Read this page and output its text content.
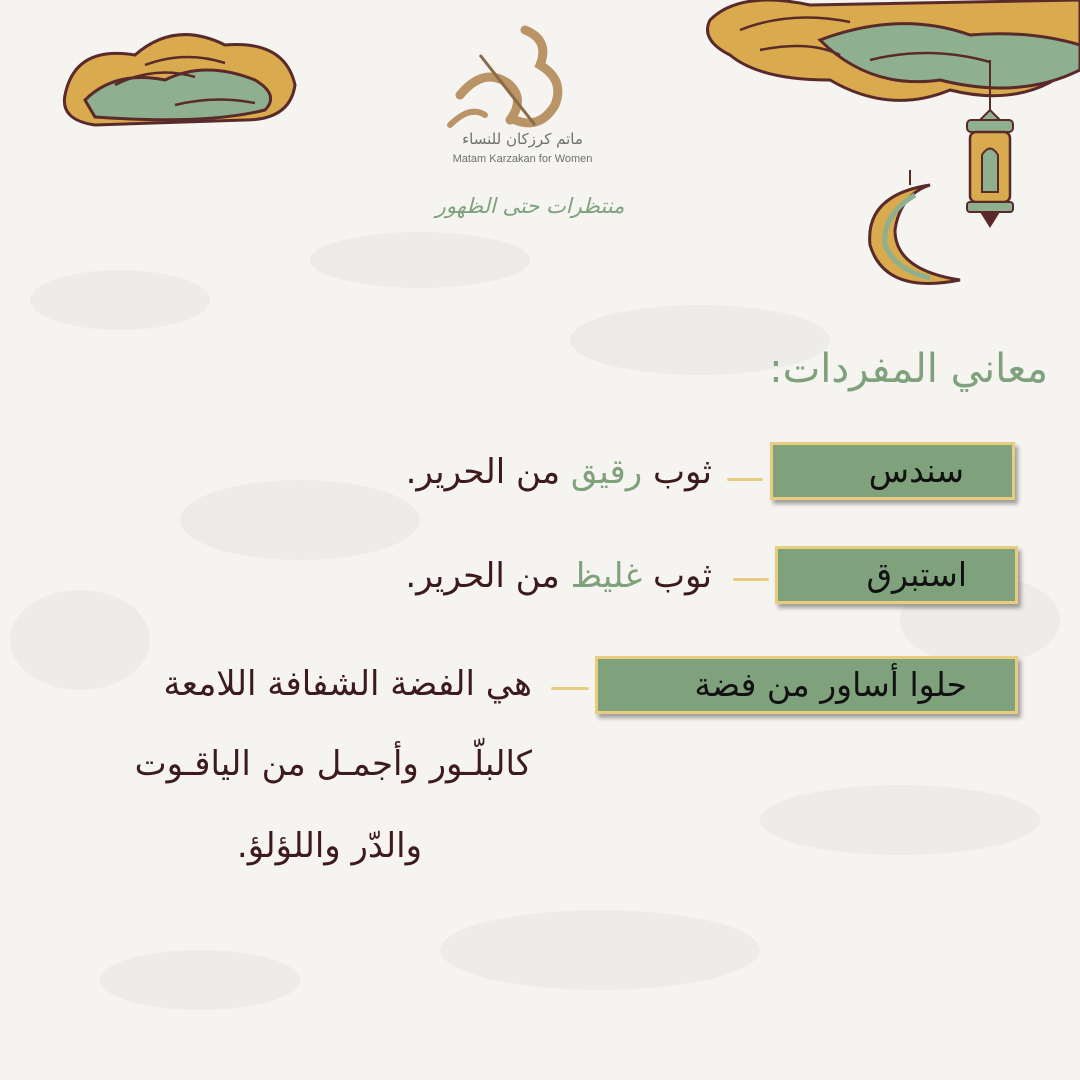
ماتم كرزكان للنساء
Matam Karzakan for Women
منتظرات حتى الظهور
معاني المفردات:
سندس
ثوب رقيق من الحرير.
استبرق
ثوب غليظ من الحرير.
حلوا أساور من فضة
هي الفضة الشفافة اللامعة
كالبلّـور وأجمـل من الياقـوت
والدّر واللؤلؤ.
